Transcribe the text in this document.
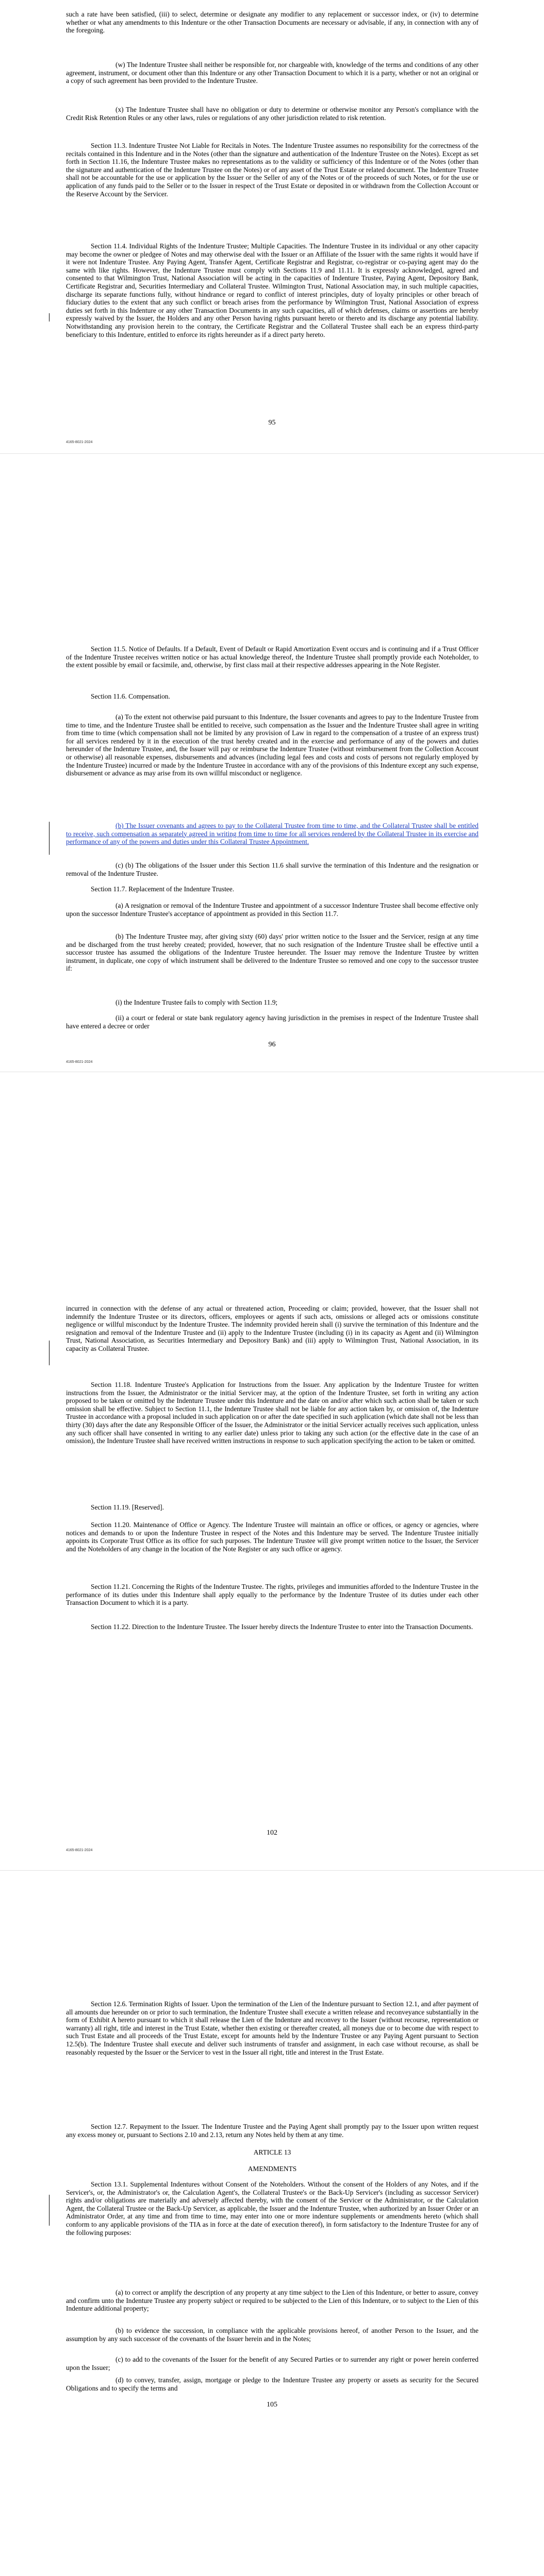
such a rate have been satisfied, (iii) to select, determine or designate any modifier to any replacement or successor index, or (iv) to determine whether or what any amendments to this Indenture or the other Transaction Documents are necessary or advisable, if any, in connection with any of the foregoing.

(w) The Indenture Trustee shall neither be responsible for, nor chargeable with, knowledge of the terms and conditions of any other agreement, instrument, or document other than this Indenture or any other Transaction Document to which it is a party, whether or not an original or a copy of such agreement has been provided to the Indenture Trustee.

(x) The Indenture Trustee shall have no obligation or duty to determine or otherwise monitor any Person's compliance with the Credit Risk Retention Rules or any other laws, rules or regulations of any other jurisdiction related to risk retention.

Section 11.3. Indenture Trustee Not Liable for Recitals in Notes. The Indenture Trustee assumes no responsibility for the correctness of the recitals contained in this Indenture and in the Notes (other than the signature and authentication of the Indenture Trustee on the Notes). Except as set forth in Section 11.16, the Indenture Trustee makes no representations as to the validity or sufficiency of this Indenture or of the Notes (other than the signature and authentication of the Indenture Trustee on the Notes) or of any asset of the Trust Estate or related document. The Indenture Trustee shall not be accountable for the use or application by the Issuer or the Seller of any of the Notes or of the proceeds of such Notes, or for the use or application of any funds paid to the Seller or to the Issuer in respect of the Trust Estate or deposited in or withdrawn from the Collection Account or the Reserve Account by the Servicer.

Section 11.4. Individual Rights of the Indenture Trustee; Multiple Capacities. The Indenture Trustee in its individual or any other capacity may become the owner or pledgee of Notes and may otherwise deal with the Issuer or an Affiliate of the Issuer with the same rights it would have if it were not Indenture Trustee. Any Paying Agent, Transfer Agent, Certificate Registrar and Registrar, co-registrar or co-paying agent may do the same with like rights. However, the Indenture Trustee must comply with Sections 11.9 and 11.11. It is expressly acknowledged, agreed and consented to that Wilmington Trust, National Association will be acting in the capacities of Indenture Trustee, Paying Agent, Depository Bank, Certificate Registrar and, Securities Intermediary and Collateral Trustee. Wilmington Trust, National Association may, in such multiple capacities, discharge its separate functions fully, without hindrance or regard to conflict of interest principles, duty of loyalty principles or other breach of fiduciary duties to the extent that any such conflict or breach arises from the performance by Wilmington Trust, National Association of express duties set forth in this Indenture or any other Transaction Documents in any such capacities, all of which defenses, claims or assertions are hereby expressly waived by the Issuer, the Holders and any other Person having rights pursuant hereto or thereto and its discharge any potential liability. Notwithstanding any provision herein to the contrary, the Certificate Registrar and the Collateral Trustee shall each be an express third-party beneficiary to this Indenture, entitled to enforce its rights hereunder as if a direct party hereto.

95

4165-8021-2024

Section 11.5. Notice of Defaults. If a Default, Event of Default or Rapid Amortization Event occurs and is continuing and if a Trust Officer of the Indenture Trustee receives written notice or has actual knowledge thereof, the Indenture Trustee shall promptly provide each Noteholder, to the extent possible by email or facsimile, and, otherwise, by first class mail at their respective addresses appearing in the Note Register.

Section 11.6. Compensation.

(a) To the extent not otherwise paid pursuant to this Indenture, the Issuer covenants and agrees to pay to the Indenture Trustee from time to time, and the Indenture Trustee shall be entitled to receive, such compensation as the Issuer and the Indenture Trustee shall agree in writing from time to time (which compensation shall not be limited by any provision of Law in regard to the compensation of a trustee of an express trust) for all services rendered by it in the execution of the trust hereby created and in the exercise and performance of any of the powers and duties hereunder of the Indenture Trustee, and, the Issuer will pay or reimburse the Indenture Trustee (without reimbursement from the Collection Account or otherwise) all reasonable expenses, disbursements and advances (including legal fees and costs and costs of persons not regularly employed by the Indenture Trustee) incurred or made by the Indenture Trustee in accordance with any of the provisions of this Indenture except any such expense, disbursement or advance as may arise from its own willful misconduct or negligence.

(b) The Issuer covenants and agrees to pay to the Collateral Trustee from time to time, and the Collateral Trustee shall be entitled to receive, such compensation as separately agreed in writing from time to time for all services rendered by the Collateral Trustee in its exercise and performance of any of the powers and duties under this Collateral Trustee Appointment.

(c) (b) The obligations of the Issuer under this Section 11.6 shall survive the termination of this Indenture and the resignation or removal of the Indenture Trustee.

Section 11.7. Replacement of the Indenture Trustee.

(a) A resignation or removal of the Indenture Trustee and appointment of a successor Indenture Trustee shall become effective only upon the successor Indenture Trustee's acceptance of appointment as provided in this Section 11.7.

(b) The Indenture Trustee may, after giving sixty (60) days' prior written notice to the Issuer and the Servicer, resign at any time and be discharged from the trust hereby created; provided, however, that no such resignation of the Indenture Trustee shall be effective until a successor trustee has assumed the obligations of the Indenture Trustee hereunder. The Issuer may remove the Indenture Trustee by written instrument, in duplicate, one copy of which instrument shall be delivered to the Indenture Trustee so removed and one copy to the successor trustee if:

(i) the Indenture Trustee fails to comply with Section 11.9;

(ii) a court or federal or state bank regulatory agency having jurisdiction in the premises in respect of the Indenture Trustee shall have entered a decree or order

96

4165-8021-2024

incurred in connection with the defense of any actual or threatened action, Proceeding or claim; provided, however, that the Issuer shall not indemnify the Indenture Trustee or its directors, officers, employees or agents if such acts, omissions or alleged acts or omissions constitute negligence or willful misconduct by the Indenture Trustee. The indemnity provided herein shall (i) survive the termination of this Indenture and the resignation and removal of the Indenture Trustee and (ii) apply to the Indenture Trustee (including (i) in its capacity as Agent and (ii) Wilmington Trust, National Association, as Securities Intermediary and Depository Bank) and (iii) apply to Wilmington Trust, National Association, in its capacity as Collateral Trustee.

Section 11.18. Indenture Trustee's Application for Instructions from the Issuer. Any application by the Indenture Trustee for written instructions from the Issuer, the Administrator or the initial Servicer may, at the option of the Indenture Trustee, set forth in writing any action proposed to be taken or omitted by the Indenture Trustee under this Indenture and the date on and/or after which such action shall be taken or such omission shall be effective. Subject to Section 11.1, the Indenture Trustee shall not be liable for any action taken by, or omission of, the Indenture Trustee in accordance with a proposal included in such application on or after the date specified in such application (which date shall not be less than thirty (30) days after the date any Responsible Officer of the Issuer, the Administrator or the initial Servicer actually receives such application, unless any such officer shall have consented in writing to any earlier date) unless prior to taking any such action (or the effective date in the case of an omission), the Indenture Trustee shall have received written instructions in response to such application specifying the action to be taken or omitted.

Section 11.19. [Reserved].

Section 11.20. Maintenance of Office or Agency. The Indenture Trustee will maintain an office or offices, or agency or agencies, where notices and demands to or upon the Indenture Trustee in respect of the Notes and this Indenture may be served. The Indenture Trustee initially appoints its Corporate Trust Office as its office for such purposes. The Indenture Trustee will give prompt written notice to the Issuer, the Servicer and the Noteholders of any change in the location of the Note Register or any such office or agency.

Section 11.21. Concerning the Rights of the Indenture Trustee. The rights, privileges and immunities afforded to the Indenture Trustee in the performance of its duties under this Indenture shall apply equally to the performance by the Indenture Trustee of its duties under each other Transaction Document to which it is a party.

Section 11.22. Direction to the Indenture Trustee. The Issuer hereby directs the Indenture Trustee to enter into the Transaction Documents.

102

4165-8021-2024

Section 12.6. Termination Rights of Issuer. Upon the termination of the Lien of the Indenture pursuant to Section 12.1, and after payment of all amounts due hereunder on or prior to such termination, the Indenture Trustee shall execute a written release and reconveyance substantially in the form of Exhibit A hereto pursuant to which it shall release the Lien of the Indenture and reconvey to the Issuer (without recourse, representation or warranty) all right, title and interest in the Trust Estate, whether then existing or thereafter created, all moneys due or to become due with respect to such Trust Estate and all proceeds of the Trust Estate, except for amounts held by the Indenture Trustee or any Paying Agent pursuant to Section 12.5(b). The Indenture Trustee shall execute and deliver such instruments of transfer and assignment, in each case without recourse, as shall be reasonably requested by the Issuer or the Servicer to vest in the Issuer all right, title and interest in the Trust Estate.

Section 12.7. Repayment to the Issuer. The Indenture Trustee and the Paying Agent shall promptly pay to the Issuer upon written request any excess money or, pursuant to Sections 2.10 and 2.13, return any Notes held by them at any time.

ARTICLE 13

AMENDMENTS

Section 13.1. Supplemental Indentures without Consent of the Noteholders. Without the consent of the Holders of any Notes, and if the Servicer's, or, the Administrator's or, the Calculation Agent's, the Collateral Trustee's or the Back-Up Servicer's (including as successor Servicer) rights and/or obligations are materially and adversely affected thereby, with the consent of the Servicer or the Administrator, or the Calculation Agent, the Collateral Trustee or the Back-Up Servicer, as applicable, the Issuer and the Indenture Trustee, when authorized by an Issuer Order or an Administrator Order, at any time and from time to time, may enter into one or more indenture supplements or amendments hereto (which shall conform to any applicable provisions of the TIA as in force at the date of execution thereof), in form satisfactory to the Indenture Trustee for any of the following purposes:

(a) to correct or amplify the description of any property at any time subject to the Lien of this Indenture, or better to assure, convey and confirm unto the Indenture Trustee any property subject or required to be subjected to the Lien of this Indenture, or to subject to the Lien of this Indenture additional property;

(b) to evidence the succession, in compliance with the applicable provisions hereof, of another Person to the Issuer, and the assumption by any such successor of the covenants of the Issuer herein and in the Notes;

(c) to add to the covenants of the Issuer for the benefit of any Secured Parties or to surrender any right or power herein conferred upon the Issuer;

(d) to convey, transfer, assign, mortgage or pledge to the Indenture Trustee any property or assets as security for the Secured Obligations and to specify the terms and

105
